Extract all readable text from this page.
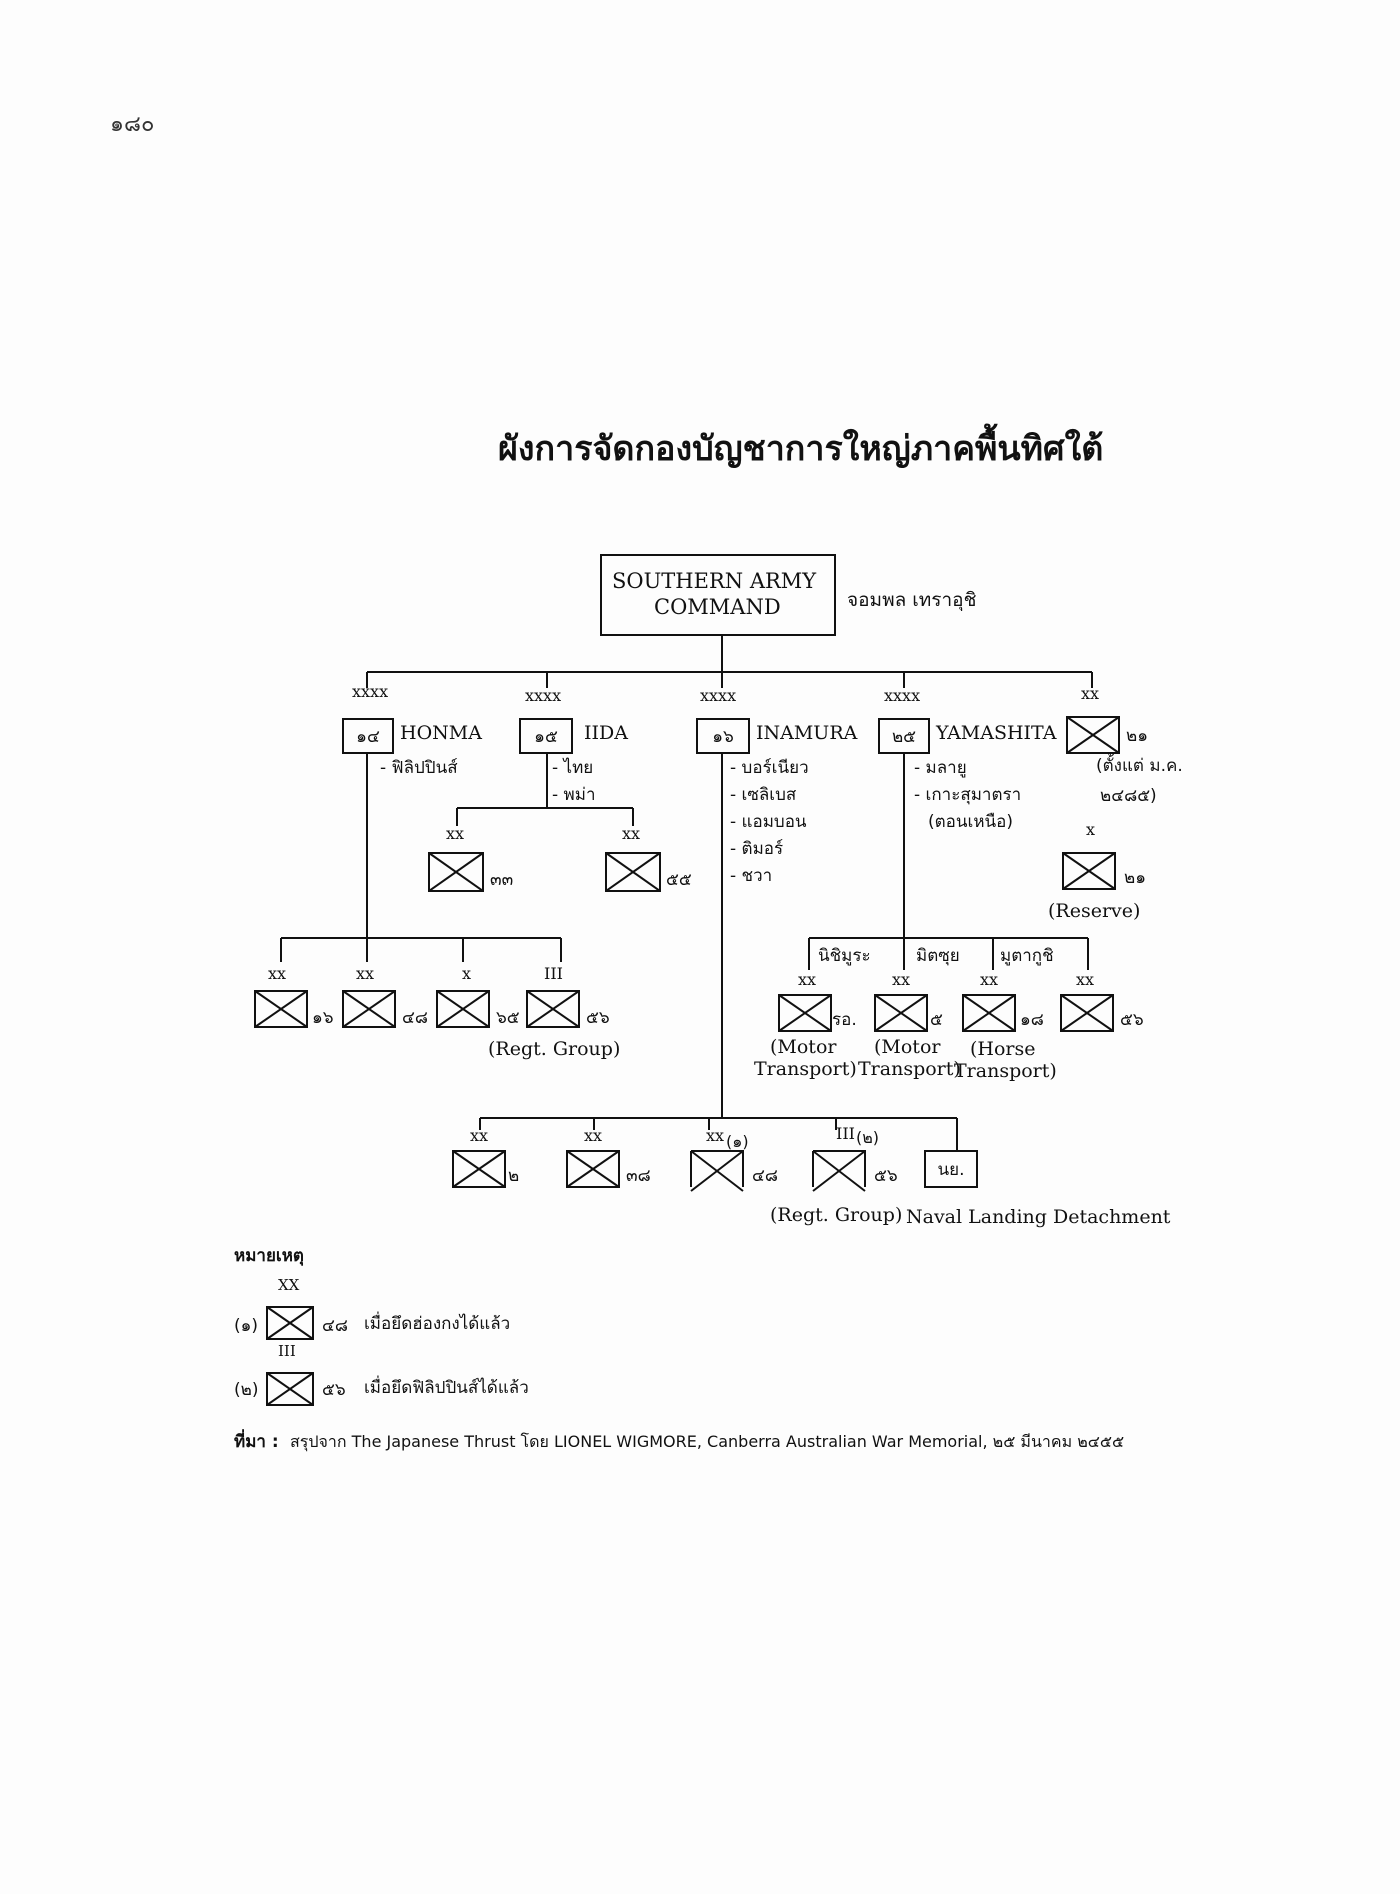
๑๘๐
ผังการจัดกองบัญชาการใหญ่ภาคพื้นทิศใต้
SOUTHERN ARMY
COMMAND	จอมพล เทราอุชิ
xxxx
๑๔	HONMA
- ฟิลิปปินส์
xxxx
๑๕	IIDA
- ไทย
- พม่า
xxxx
๑๖	INAMURA
- บอร์เนียว
- เซลิเบส
- แอมบอน
- ติมอร์
- ชวา
xxxx
๒๕	YAMASHITA
- มลายู
- เกาะสุมาตรา
(ตอนเหนือ)
xx
๒๑
(ตั้งแต่ ม.ค.
๒๔๘๕)
x
๒๑
(Reserve)
xx
๓๓
xx
๕๕
xx
๑๖
xx
๔๘
x
๖๕
III
๕๖
(Regt. Group)
นิชิมูระ	มิตซุย มูตากูชิ
xx
รอ.
xx
๕
xx
๑๘
xx
๕๖
(Motor
Transport)
(Motor
Transport)
(Horse
Transport)
xx
๒
xx
๓๘
xx (๑)
๔๘
III (๒)
๕๖	นย.
(Regt. Group) Naval Landing Detachment
หมายเหตุ
XX
(๑)	๔๘ เมื่อยึดฮ่องกงได้แล้ว
III
(๒)	๕๖ เมื่อยึดฟิลิปปินส์ได้แล้ว
ที่มา : สรุปจาก The Japanese Thrust โดย LIONEL WIGMORE, Canberra Australian War Memorial, ๒๕ มีนาคม ๒๔๕๕
